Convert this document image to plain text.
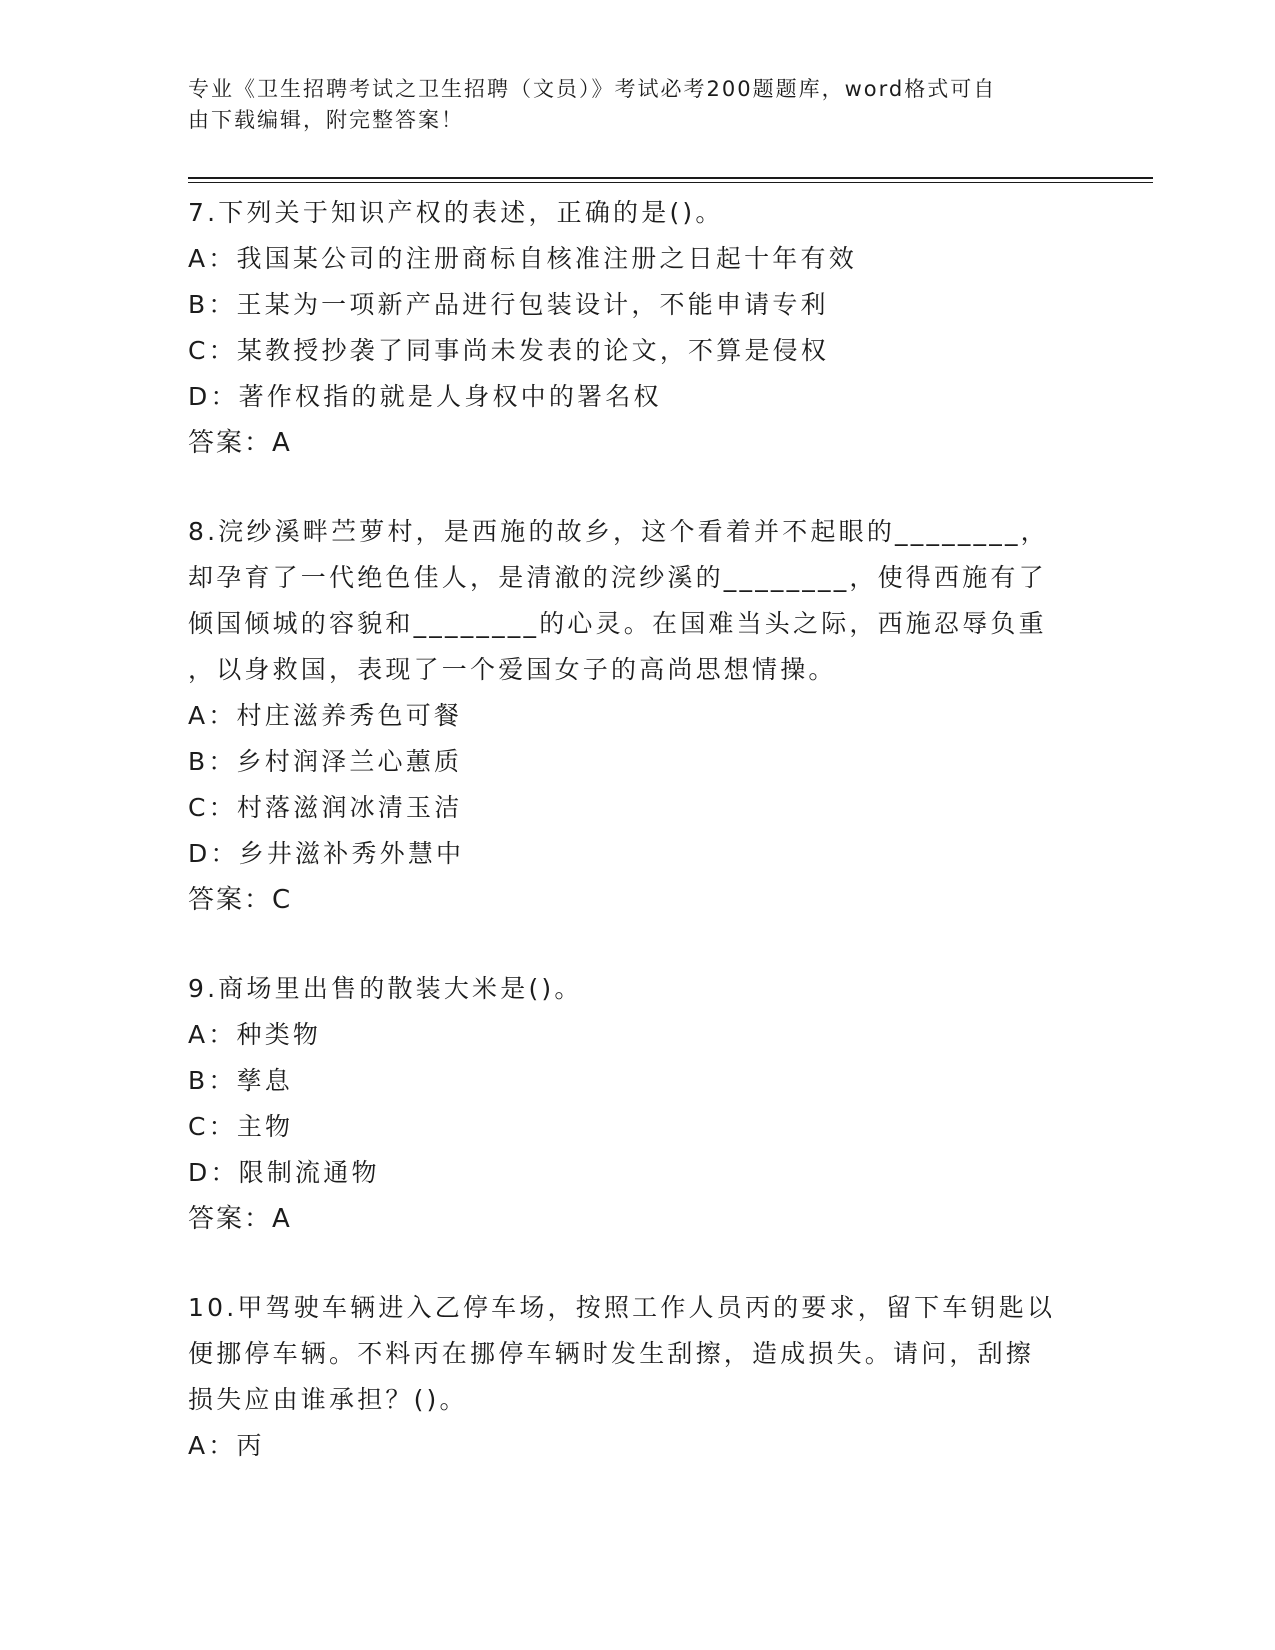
专业《卫生招聘考试之卫生招聘（文员）》考试必考200题题库，word格式可自
由下载编辑，附完整答案！
7.下列关于知识产权的表述，正确的是()。
A：我国某公司的注册商标自核准注册之日起十年有效
B：王某为一项新产品进行包装设计，不能申请专利
C：某教授抄袭了同事尚未发表的论文，不算是侵权
D：著作权指的就是人身权中的署名权
答案：A
8.浣纱溪畔苎萝村，是西施的故乡，这个看着并不起眼的________，
却孕育了一代绝色佳人，是清澈的浣纱溪的________，使得西施有了
倾国倾城的容貌和________的心灵。在国难当头之际，西施忍辱负重
，以身救国，表现了一个爱国女子的高尚思想情操。
A：村庄滋养秀色可餐
B：乡村润泽兰心蕙质
C：村落滋润冰清玉洁
D：乡井滋补秀外慧中
答案：C
9.商场里出售的散装大米是()。
A：种类物
B：孳息
C：主物
D：限制流通物
答案：A
10.甲驾驶车辆进入乙停车场，按照工作人员丙的要求，留下车钥匙以
便挪停车辆。不料丙在挪停车辆时发生刮擦，造成损失。请问，刮擦
损失应由谁承担？()。
A：丙
